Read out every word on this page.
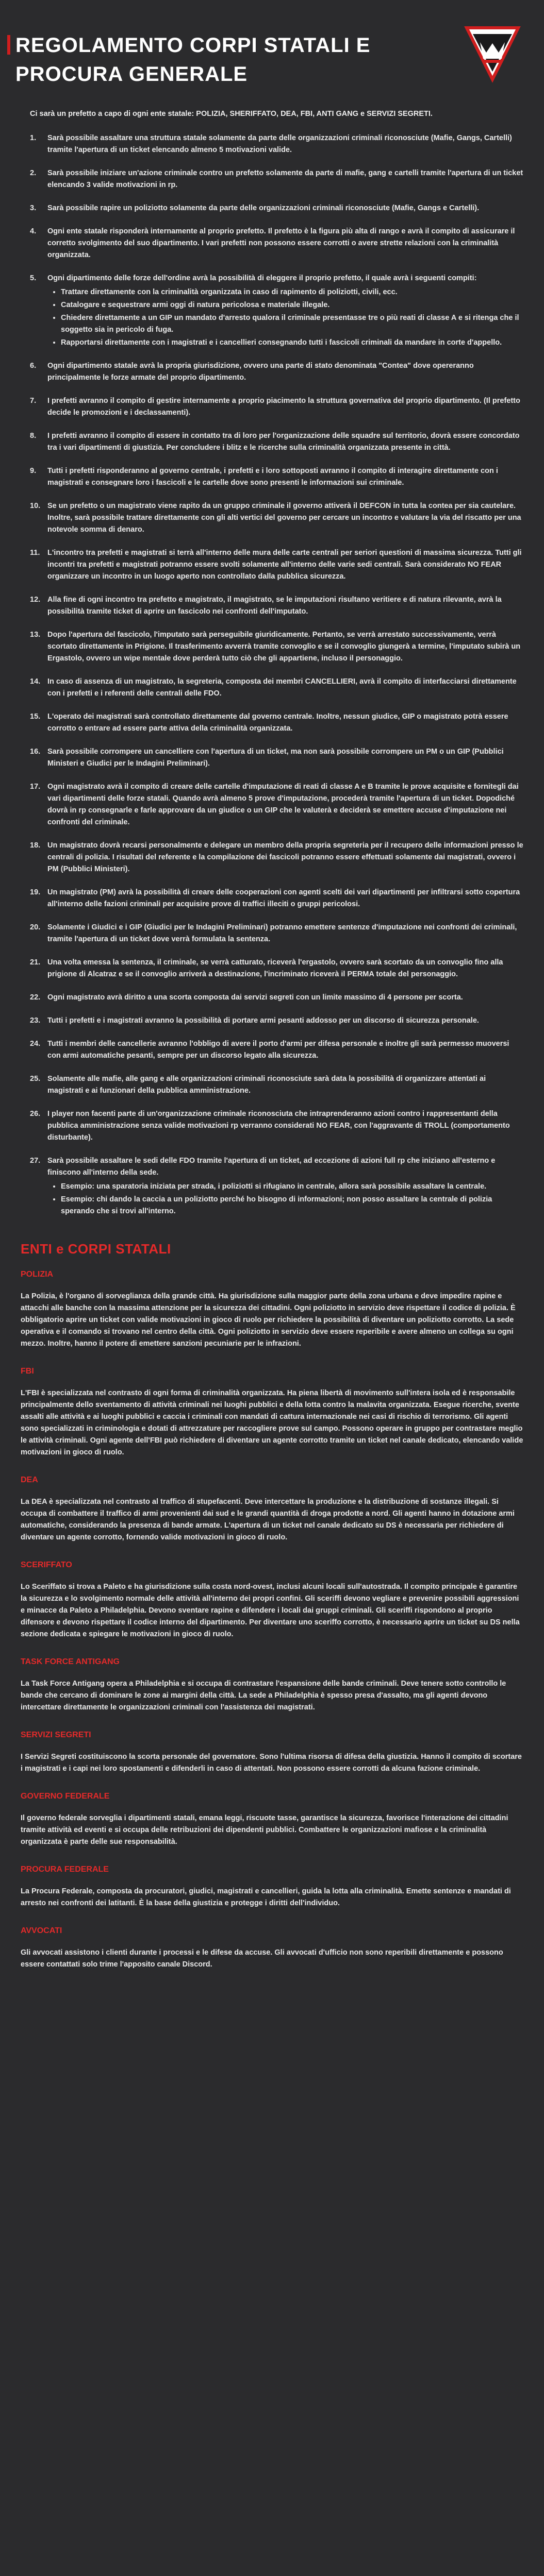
REGOLAMENTO CORPI STATALI E PROCURA GENERALE

Ci sarà un prefetto a capo di ogni ente statale: POLIZIA, SHERIFFATO, DEA, FBI, ANTI GANG e SERVIZI SEGRETI.

1.	Sarà possibile assaltare una struttura statale solamente da parte delle organizzazioni criminali riconosciute (Mafie, Gangs, Cartelli) tramite l'apertura di un ticket elencando almeno 5 motivazioni valide.
2.	Sarà possibile iniziare un'azione criminale contro un prefetto solamente da parte di mafie, gang e cartelli tramite l'apertura di un ticket elencando 3 valide motivazioni in rp.
3.	Sarà possibile rapire un poliziotto solamente da parte delle organizzazioni criminali riconosciute (Mafie, Gangs e Cartelli).
4.	Ogni ente statale risponderà internamente al proprio prefetto. Il prefetto è la figura più alta di rango e avrà il compito di assicurare il corretto svolgimento del suo dipartimento. I vari prefetti non possono essere corrotti o avere strette relazioni con la criminalità organizzata.
5.	Ogni dipartimento delle forze dell'ordine avrà la possibilità di eleggere il proprio prefetto, il quale avrà i seguenti compiti:
• Trattare direttamente con la criminalità organizzata in caso di rapimento di poliziotti, civili, ecc.
• Catalogare e sequestrare armi oggi di natura pericolosa e materiale illegale.
• Chiedere direttamente a un GIP un mandato d'arresto qualora il criminale presentasse tre o più reati di classe A e si ritenga che il soggetto sia in pericolo di fuga.
• Rapportarsi direttamente con i magistrati e i cancellieri consegnando tutti i fascicoli criminali da mandare in corte d'appello.
6.	Ogni dipartimento statale avrà la propria giurisdizione, ovvero una parte di stato denominata "Contea" dove opereranno principalmente le forze armate del proprio dipartimento.
7.	I prefetti avranno il compito di gestire internamente a proprio piacimento la struttura governativa del proprio dipartimento. (Il prefetto decide le promozioni e i declassamenti).
8.	I prefetti avranno il compito di essere in contatto tra di loro per l'organizzazione delle squadre sul territorio, dovrà essere concordato tra i vari dipartimenti di giustizia. Per concludere i blitz e le ricerche sulla criminalità organizzata presente in città.
9.	Tutti i prefetti risponderanno al governo centrale, i prefetti e i loro sottoposti avranno il compito di interagire direttamente con i magistrati e consegnare loro i fascicoli e le cartelle dove sono presenti le informazioni sui criminale.
10. Se un prefetto o un magistrato viene rapito da un gruppo criminale il governo attiverà il DEFCON in tutta la contea per sia cautelare. Inoltre, sarà possibile trattare direttamente con gli alti vertici del governo per cercare un incontro e valutare la via del riscatto per una notevole somma di denaro.
11.	L'incontro tra prefetti e magistrati si terrà all'interno delle mura delle carte centrali per seriori questioni di massima sicurezza. Tutti gli incontri tra prefetti e magistrati potranno essere svolti solamente all'interno delle varie sedi centrali. Sarà considerato NO FEAR organizzare un incontro in un luogo aperto non controllato dalla pubblica sicurezza.
12. Alla fine di ogni incontro tra prefetto e magistrato, il magistrato, se le imputazioni risultano veritiere e di natura rilevante, avrà la possibilità tramite ticket di aprire un fascicolo nei confronti dell'imputato.
13. Dopo l'apertura del fascicolo, l'imputato sarà perseguibile giuridicamente. Pertanto, se verrà arrestato successivamente, verrà scortato direttamente in Prigione. Il trasferimento avverrà tramite convoglio e se il convoglio giungerà a termine, l'imputato subirà un Ergastolo, ovvero un wipe mentale dove perderà tutto ciò che gli appartiene, incluso il personaggio.
14. In caso di assenza di un magistrato, la segreteria, composta dei membri CANCELLIERI, avrà il compito di interfacciarsi direttamente con i prefetti e i referenti delle centrali delle FDO.
15. L'operato dei magistrati sarà controllato direttamente dal governo centrale. Inoltre, nessun giudice, GIP o magistrato potrà essere corrotto o entrare ad essere parte attiva della criminalità organizzata.
16. Sarà possibile corrompere un cancelliere con l'apertura di un ticket, ma non sarà possibile corrompere un PM o un GIP (Pubblici Ministeri e Giudici per le Indagini Preliminari).
17. Ogni magistrato avrà il compito di creare delle cartelle d'imputazione di reati di classe A e B tramite le prove acquisite e fornitegli dai vari dipartimenti delle forze statali. Quando avrà almeno 5 prove d'imputazione, procederà tramite l'apertura di un ticket. Dopodiché dovrà in rp consegnarle e farle approvare da un giudice o un GIP che le valuterà e deciderà se emettere accuse d'imputazione nei confronti del criminale.
18. Un magistrato dovrà recarsi personalmente e delegare un membro della propria segreteria per il recupero delle informazioni presso le centrali di polizia. I risultati del referente e la compilazione dei fascicoli potranno essere effettuati solamente dai magistrati, ovvero i PM (Pubblici Ministeri).
19. Un magistrato (PM) avrà la possibilità di creare delle cooperazioni con agenti scelti dei vari dipartimenti per infiltrarsi sotto copertura all'interno delle fazioni criminali per acquisire prove di traffici illeciti o gruppi pericolosi.
20. Solamente i Giudici e i GIP (Giudici per le Indagini Preliminari) potranno emettere sentenze d'imputazione nei confronti dei criminali, tramite l'apertura di un ticket dove verrà formulata la sentenza.
21. Una volta emessa la sentenza, il criminale, se verrà catturato, riceverà l'ergastolo, ovvero sarà scortato da un convoglio fino alla prigione di Alcatraz e se il convoglio arriverà a destinazione, l'incriminato riceverà il PERMA totale del personaggio.
22. Ogni magistrato avrà diritto a una scorta composta dai servizi segreti con un limite massimo di 4 persone per scorta.
23. Tutti i prefetti e i magistrati avranno la possibilità di portare armi pesanti addosso per un discorso di sicurezza personale.
24. Tutti i membri delle cancellerie avranno l'obbligo di avere il porto d'armi per difesa personale e inoltre gli sarà permesso muoversi con armi automatiche pesanti, sempre per un discorso legato alla sicurezza.
25. Solamente alle mafie, alle gang e alle organizzazioni criminali riconosciute sarà data la possibilità di organizzare attentati ai magistrati e ai funzionari della pubblica amministrazione.
26. I player non facenti parte di un'organizzazione criminale riconosciuta che intraprenderanno azioni contro i rappresentanti della pubblica amministrazione senza valide motivazioni rp verranno considerati NO FEAR, con l'aggravante di TROLL (comportamento disturbante).
27. Sarà possibile assaltare le sedi delle FDO tramite l'apertura di un ticket, ad eccezione di azioni full rp che iniziano all'esterno e finiscono all'interno della sede.
• Esempio: una sparatoria iniziata per strada, i poliziotti si rifugiano in centrale, allora sarà possibile assaltare la centrale.
• Esempio: chi dando la caccia a un poliziotto perché ho bisogno di informazioni; non posso assaltare la centrale di polizia sperando che si trovi all'interno.
ENTI e CORPI STATALI
POLIZIA

La Polizia, è l'organo di sorveglianza della grande città. Ha giurisdizione sulla maggior parte della zona urbana e deve impedire rapine e attacchi alle banche con la massima attenzione per la sicurezza dei cittadini. Ogni poliziotto in servizio deve rispettare il codice di polizia. È obbligatorio aprire un ticket con valide motivazioni in gioco di ruolo per richiedere la possibilità di diventare un poliziotto corrotto. La sede operativa e il comando si trovano nel centro della città. Ogni poliziotto in servizio deve essere reperibile e avere almeno un collega su ogni mezzo. Inoltre, hanno il potere di emettere sanzioni pecuniarie per le infrazioni.

FBI

L'FBI è specializzata nel contrasto di ogni forma di criminalità organizzata. Ha piena libertà di movimento sull'intera isola ed è responsabile principalmente dello sventamento di attività criminali nei luoghi pubblici e della lotta contro la malavita organizzata. Esegue ricerche, svente assalti alle attività e ai luoghi pubblici e caccia i criminali con mandati di cattura internazionale nei casi di rischio di terrorismo. Gli agenti sono specializzati in criminologia e dotati di attrezzature per raccogliere prove sul campo. Possono operare in gruppo per contrastare meglio le attività criminali. Ogni agente dell'FBI può richiedere di diventare un agente corrotto tramite un ticket nel canale dedicato, elencando valide motivazioni in gioco di ruolo.

DEA

La DEA è specializzata nel contrasto al traffico di stupefacenti. Deve intercettare la produzione e la distribuzione di sostanze illegali. Si occupa di combattere il traffico di armi provenienti dai sud e le grandi quantità di droga prodotte a nord. Gli agenti hanno in dotazione armi automatiche, considerando la presenza di bande armate. L'apertura di un ticket nel canale dedicato su DS è necessaria per richiedere di diventare un agente corrotto, fornendo valide motivazioni in gioco di ruolo.

SCERIFFATO

Lo Sceriffato si trova a Paleto e ha giurisdizione sulla costa nord-ovest, inclusi alcuni locali sull'autostrada. Il compito principale è garantire la sicurezza e lo svolgimento normale delle attività all'interno dei propri confini. Gli sceriffi devono vegliare e prevenire possibili aggressioni e minacce da Paleto a Philadelphia. Devono sventare rapine e difendere i locali dai gruppi criminali. Gli sceriffi rispondono al proprio difensore e devono rispettare il codice interno del dipartimento. Per diventare uno sceriffo corrotto, è necessario aprire un ticket su DS nella sezione dedicata e spiegare le motivazioni in gioco di ruolo.

TASK FORCE ANTIGANG

La Task Force Antigang opera a Philadelphia e si occupa di contrastare l'espansione delle bande criminali. Deve tenere sotto controllo le bande che cercano di dominare le zone ai margini della città. La sede a Philadelphia è spesso presa d'assalto, ma gli agenti devono intercettare direttamente le organizzazioni criminali con l'assistenza dei magistrati.

SERVIZI SEGRETI

I Servizi Segreti costituiscono la scorta personale del governatore. Sono l'ultima risorsa di difesa della giustizia. Hanno il compito di scortare i magistrati e i capi nei loro spostamenti e difenderli in caso di attentati. Non possono essere corrotti da alcuna fazione criminale.

GOVERNO FEDERALE

Il governo federale sorveglia i dipartimenti statali, emana leggi, riscuote tasse, garantisce la sicurezza, favorisce l'interazione dei cittadini tramite attività ed eventi e si occupa delle retribuzioni dei dipendenti pubblici. Combattere le organizzazioni mafiose e la criminalità organizzata è parte delle sue responsabilità.

PROCURA FEDERALE

La Procura Federale, composta da procuratori, giudici, magistrati e cancellieri, guida la lotta alla criminalità. Emette sentenze e mandati di arresto nei confronti dei latitanti. È la base della giustizia e protegge i diritti dell'individuo.

AVVOCATI

Gli avvocati assistono i clienti durante i processi e le difese da accuse. Gli avvocati d'ufficio non sono reperibili direttamente e possono essere contattati solo trime l'apposito canale Discord.
